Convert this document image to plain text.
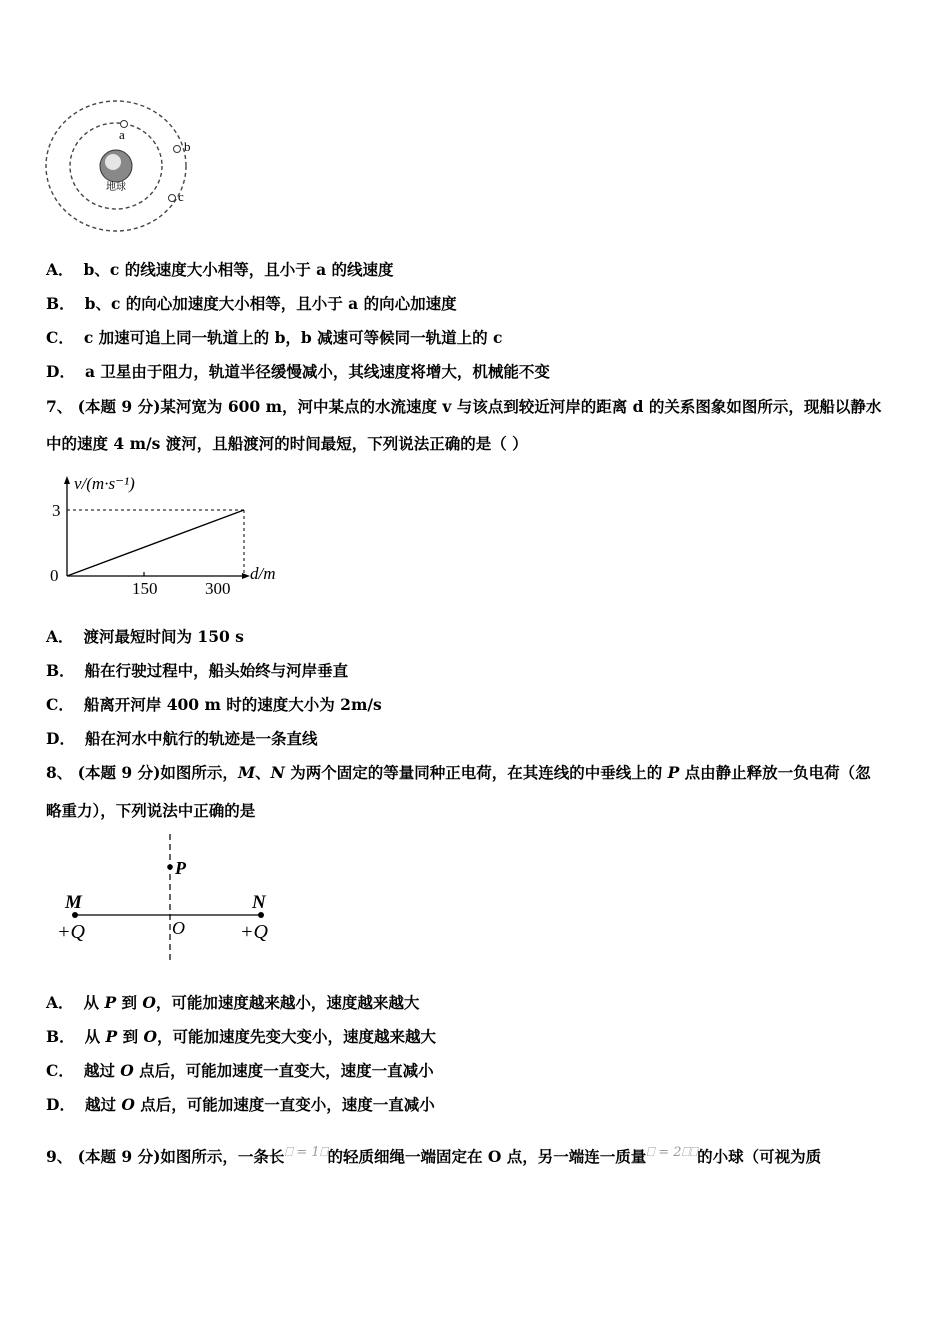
地球
a
b
c
A． b、c 的线速度大小相等，且小于 a 的线速度
B． b、c 的向心加速度大小相等，且小于 a 的向心加速度
C． c 加速可追上同一轨道上的 b，b 减速可等候同一轨道上的 c
D． a 卫星由于阻力，轨道半径缓慢减小，其线速度将增大，机械能不变
7、 (本题 9 分)某河宽为 600 m，河中某点的水流速度 v 与该点到较近河岸的距离 d 的关系图象如图所示，现船以静水
中的速度 4 m/s 渡河，且船渡河的时间最短，下列说法正确的是（ ）
v/(m·s⁻¹)
d/m
0
3
150	300
A． 渡河最短时间为 150 s
B． 船在行驶过程中，船头始终与河岸垂直
C． 船离开河岸 400 m 时的速度大小为 2m/s
D． 船在河水中航行的轨迹是一条直线
8、 (本题 9 分)如图所示，M、N 为两个固定的等量同种正电荷，在其连线的中垂线上的 P 点由静止释放一负电荷（忽
略重力），下列说法中正确的是
P
M
+Q
N
+Q
O
A． 从 P 到 O，可能加速度越来越小，速度越来越大
B． 从 P 到 O，可能加速度先变大变小，速度越来越大
C． 越过 O 点后，可能加速度一直变大，速度一直减小
D． 越过 O 点后，可能加速度一直变小，速度一直减小
9、 (本题 9 分)如图所示，一条长⎕ = 1⎕的轻质细绳一端固定在 O 点，另一端连一质量⎕ = 2⎕⎕的小球（可视为质
